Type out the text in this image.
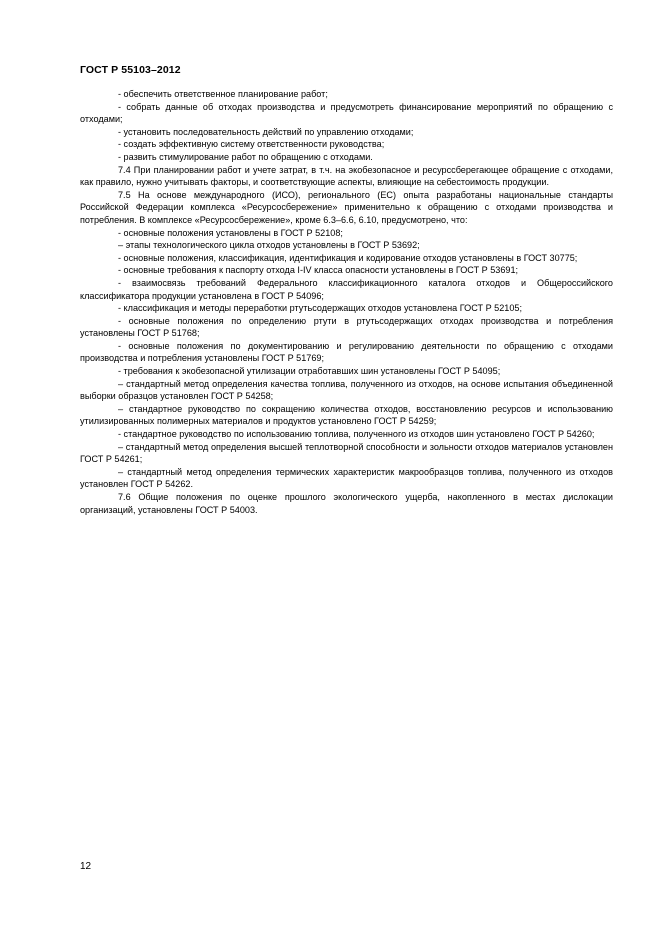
ГОСТ Р 55103–2012

- обеспечить ответственное планирование работ;

- собрать данные об отходах производства и предусмотреть финансирование мероприятий по обращению с отходами;

- установить последовательность действий по управлению отходами;

- создать эффективную систему ответственности руководства;

- развить стимулирование работ по обращению с отходами.

7.4 При планировании работ и учете затрат, в т.ч. на экобезопасное и ресурссберегающее обращение с отходами, как правило, нужно учитывать факторы, и соответствующие аспекты, влияющие на себестоимость продукции.

7.5 На основе международного (ИСО), регионального (ЕС) опыта разработаны национальные стандарты Российской Федерации комплекса «Ресурсосбережение» применительно к обращению с отходами производства и потребления. В комплексе «Ресурсосбережение», кроме 6.3–6.6, 6.10, предусмотрено, что:

- основные положения установлены в ГОСТ Р 52108;

– этапы технологического цикла отходов установлены в ГОСТ Р 53692;

- основные положения, классификация, идентификация и кодирование отходов установлены в ГОСТ 30775;

- основные требования к паспорту отхода I-IV класса опасности установлены в ГОСТ Р 53691;

- взаимосвязь требований Федерального классификационного каталога отходов и Общероссийского классификатора продукции установлена в ГОСТ Р 54096;

- классификация и методы переработки ртутьсодержащих отходов установлена ГОСТ Р 52105;

- основные положения по определению ртути в ртутьсодержащих отходах производства и потребления установлены ГОСТ Р 51768;

- основные положения по документированию и регулированию деятельности по обращению с отходами производства и потребления установлены ГОСТ Р 51769;

- требования к экобезопасной утилизации отработавших шин установлены ГОСТ Р 54095;

– стандартный метод определения качества топлива, полученного из отходов, на основе испытания объединенной выборки образцов установлен ГОСТ Р 54258;

– стандартное руководство по сокращению количества отходов, восстановлению ресурсов и использованию утилизированных полимерных материалов и продуктов установлено ГОСТ Р 54259;

- стандартное руководство по использованию топлива, полученного из отходов шин установлено ГОСТ Р 54260;

– стандартный метод определения высшей теплотворной способности и зольности отходов материалов установлен ГОСТ Р 54261;

– стандартный метод определения термических характеристик макрообразцов топлива, полученного из отходов установлен ГОСТ Р 54262.

7.6 Общие положения по оценке прошлого экологического ущерба, накопленного в местах дислокации организаций, установлены ГОСТ Р 54003.

12
